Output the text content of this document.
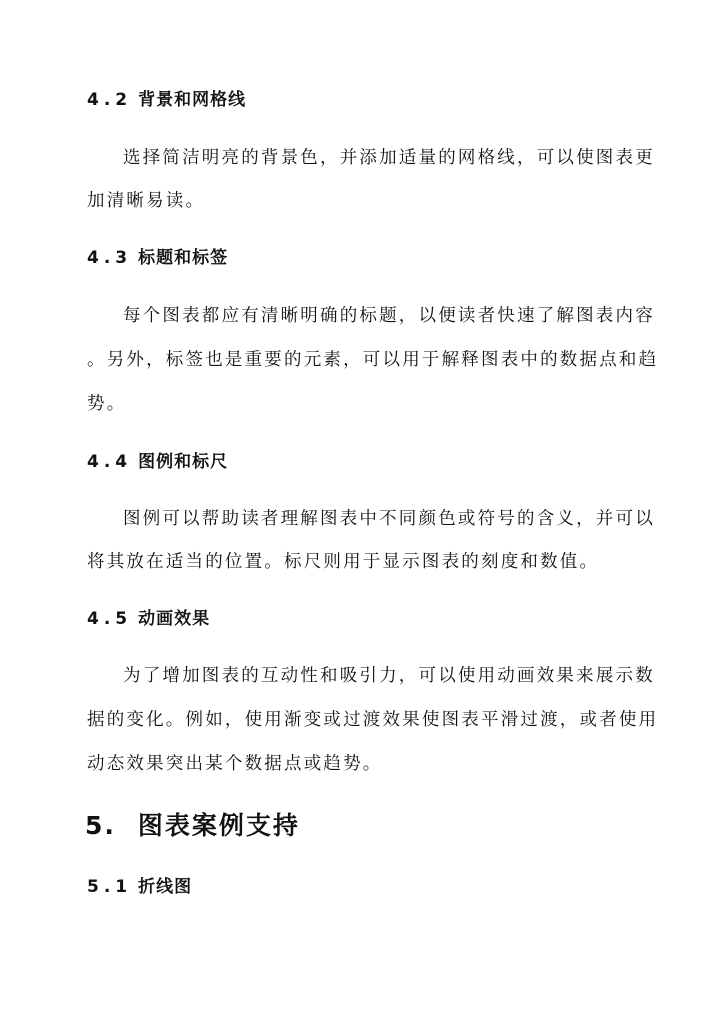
4.2 背景和网格线

选择简洁明亮的背景色，并添加适量的网格线，可以使图表更

加清晰易读。

4.3 标题和标签

每个图表都应有清晰明确的标题，以便读者快速了解图表内容

。另外，标签也是重要的元素，可以用于解释图表中的数据点和趋

势。

4.4 图例和标尺

图例可以帮助读者理解图表中不同颜色或符号的含义，并可以

将其放在适当的位置。标尺则用于显示图表的刻度和数值。

4.5 动画效果

为了增加图表的互动性和吸引力，可以使用动画效果来展示数

据的变化。例如，使用渐变或过渡效果使图表平滑过渡，或者使用

动态效果突出某个数据点或趋势。

5. 图表案例支持
5.1 折线图
